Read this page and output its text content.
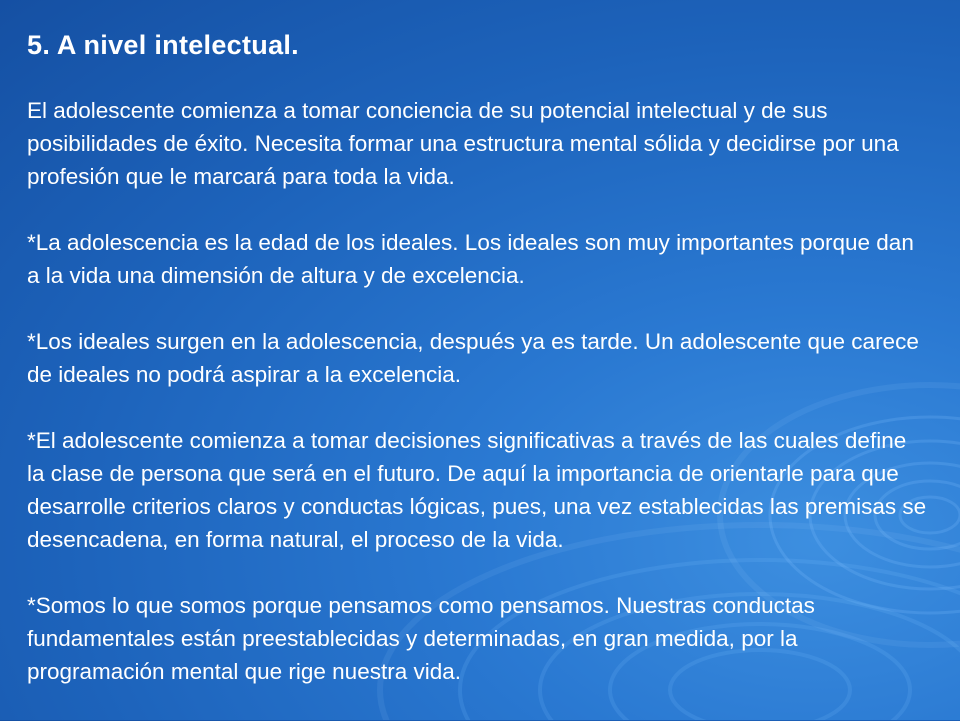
5. A nivel intelectual.

El adolescente comienza a tomar conciencia de su potencial intelectual y de sus posibilidades de éxito. Necesita formar una estructura mental sólida y decidirse por una profesión que le marcará para toda la vida.

*La adolescencia es la edad de los ideales. Los ideales son muy importantes porque dan a la vida una dimensión de altura y de excelencia.

*Los ideales surgen en la adolescencia, después ya es tarde. Un adolescente que carece de ideales no podrá aspirar a la excelencia.

*El adolescente comienza a tomar decisiones significativas a través de las cuales define la clase de persona que será en el futuro. De aquí la importancia de orientarle para que desarrolle criterios claros y conductas lógicas, pues, una vez establecidas las premisas se desencadena, en forma natural, el proceso de la vida.

*Somos lo que somos porque pensamos como pensamos. Nuestras conductas fundamentales están preestablecidas y determinadas, en gran medida, por la programación mental que rige nuestra vida.
